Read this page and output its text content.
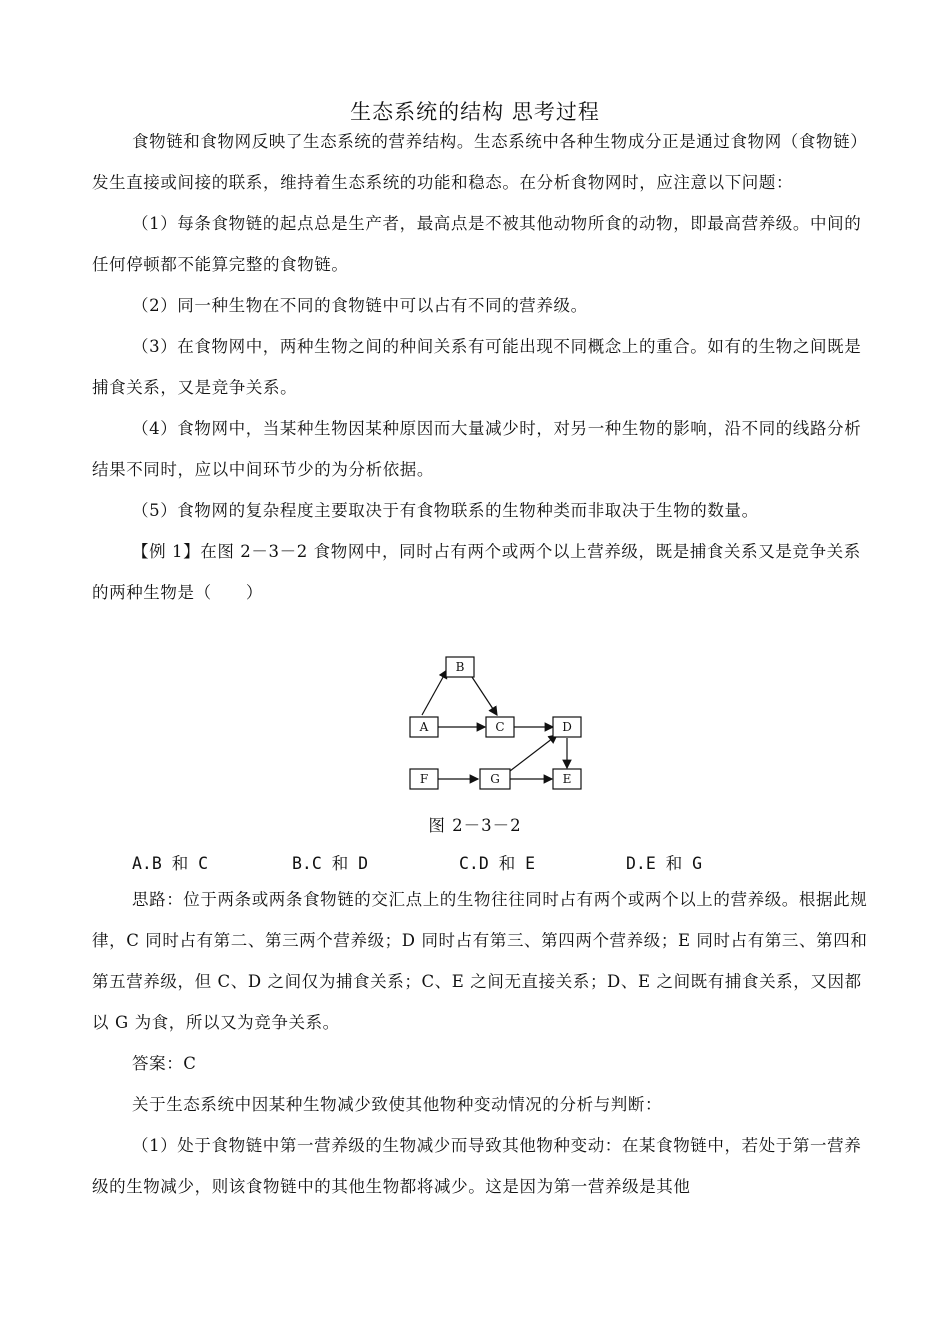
生态系统的结构 思考过程

食物链和食物网反映了生态系统的营养结构。生态系统中各种生物成分正是通过食物网（食物链）发生直接或间接的联系，维持着生态系统的功能和稳态。在分析食物网时，应注意以下问题：

（1）每条食物链的起点总是生产者，最高点是不被其他动物所食的动物，即最高营养级。中间的任何停顿都不能算完整的食物链。

（2）同一种生物在不同的食物链中可以占有不同的营养级。

（3）在食物网中，两种生物之间的种间关系有可能出现不同概念上的重合。如有的生物之间既是捕食关系，又是竞争关系。

（4）食物网中，当某种生物因某种原因而大量减少时，对另一种生物的影响，沿不同的线路分析结果不同时，应以中间环节少的为分析依据。

（5）食物网的复杂程度主要取决于有食物联系的生物种类而非取决于生物的数量。

【例 1】在图 2－3－2 食物网中，同时占有两个或两个以上营养级，既是捕食关系又是竞争关系的两种生物是（　　）

A
B
C	D
E
F	G
图 2－3－2
A.B 和 C	B.C 和 D	C.D 和 E	D.E 和 G

思路：位于两条或两条食物链的交汇点上的生物往往同时占有两个或两个以上的营养级。根据此规律，C 同时占有第二、第三两个营养级；D 同时占有第三、第四两个营养级；E 同时占有第三、第四和第五营养级，但 C、D 之间仅为捕食关系；C、E 之间无直接关系；D、E 之间既有捕食关系，又因都以 G 为食，所以又为竞争关系。

答案：C

关于生态系统中因某种生物减少致使其他物种变动情况的分析与判断：

（1）处于食物链中第一营养级的生物减少而导致其他物种变动：在某食物链中，若处于第一营养级的生物减少，则该食物链中的其他生物都将减少。这是因为第一营养级是其他
